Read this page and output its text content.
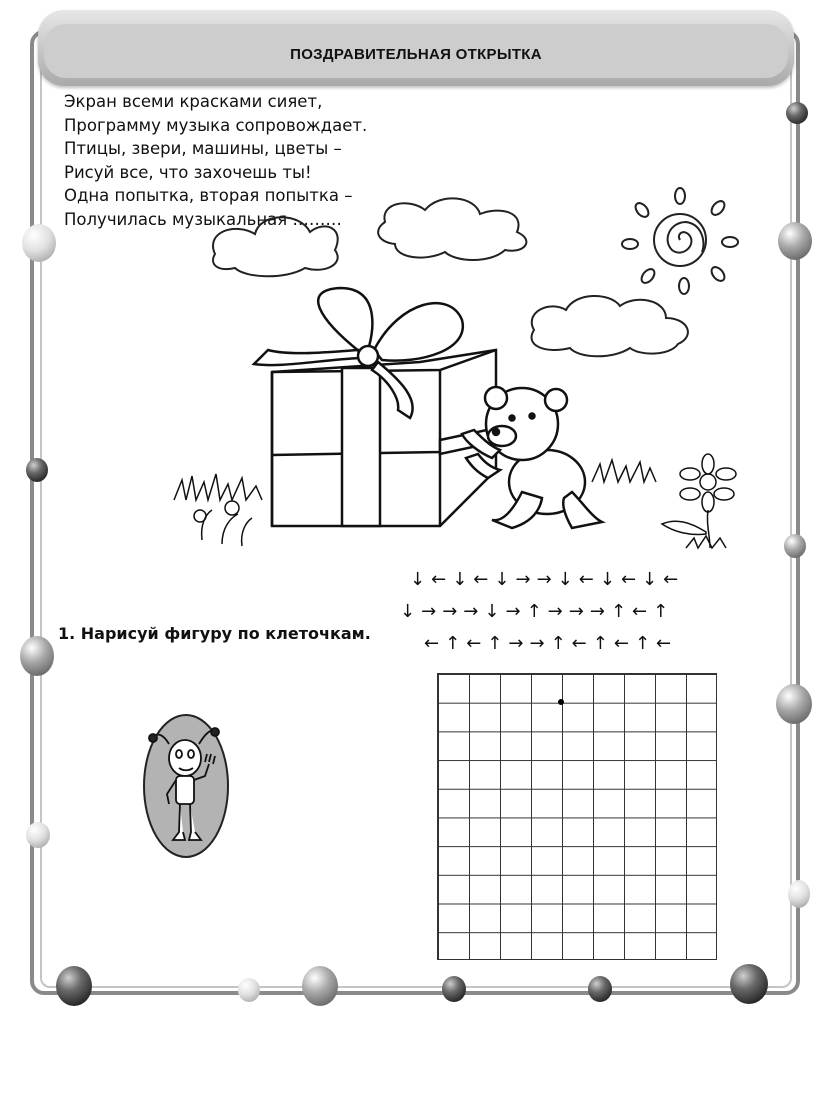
ПОЗДРАВИТЕЛЬНАЯ ОТКРЫТКА
Экран всеми красками сияет,
Программу музыка сопровождает.
Птицы, звери, машины, цветы –
Рисуй все, что захочешь ты!
Одна попытка, вторая попытка –
Получилась музыкальная ………
1. Нарисуй фигуру по клеточкам.
↓ ← ↓ ← ↓ → → ↓ ← ↓ ← ↓ ←
↓ → → → ↓ → ↑ → → → ↑ ← ↑
← ↑ ← ↑ → → ↑ ← ↑ ← ↑ ←
